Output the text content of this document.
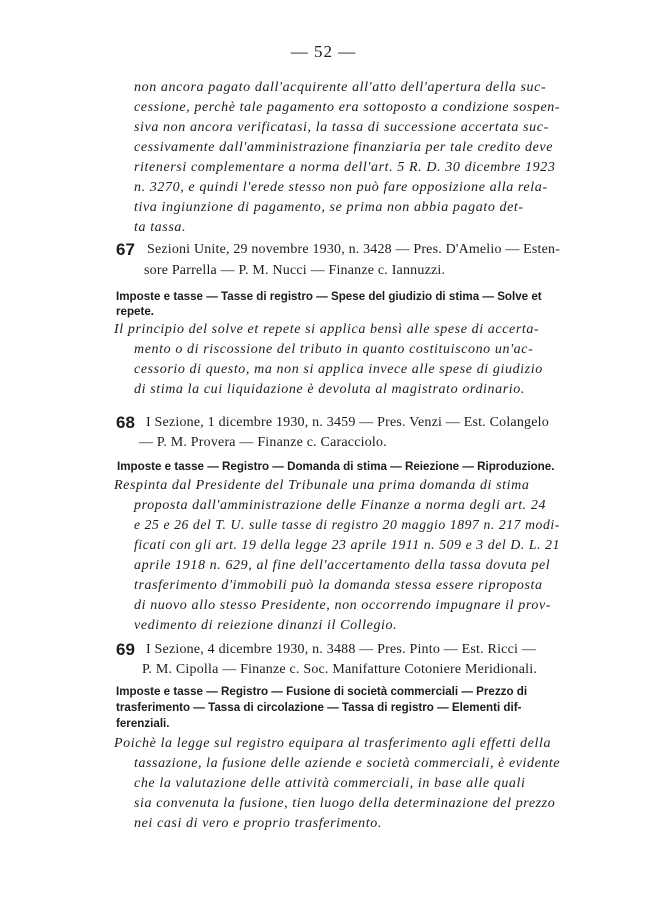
— 52 —
non ancora pagato dall'acquirente all'atto dell'apertura della suc-
cessione, perchè tale pagamento era sottoposto a condizione sospen-
siva non ancora verificatasi, la tassa di successione accertata suc-
cessivamente dall'amministrazione finanziaria per tale credito deve
ritenersi complementare a norma dell'art. 5 R. D. 30 dicembre 1923
n. 3270, e quindi l'erede stesso non può fare opposizione alla rela-
tiva ingiunzione di pagamento, se prima non abbia pagato det-
ta tassa.
67 Sezioni Unite, 29 novembre 1930, n. 3428 — Pres. D'Amelio — Esten-
sore Parrella — P. M. Nucci — Finanze c. Iannuzzi.
Imposte e tasse — Tasse di registro — Spese del giudizio di stima — Solve et
repete.
Il principio del solve et repete si applica bensì alle spese di accerta-
mento o di riscossione del tributo in quanto costituiscono un'ac-
cessorio di questo, ma non si applica invece alle spese di giudizio
di stima la cui liquidazione è devoluta al magistrato ordinario.
68 I Sezione, 1 dicembre 1930, n. 3459 — Pres. Venzi — Est. Colangelo
— P. M. Provera — Finanze c. Caracciolo.
Imposte e tasse — Registro — Domanda di stima — Reiezione — Riproduzione.
Respinta dal Presidente del Tribunale una prima domanda di stima
proposta dall'amministrazione delle Finanze a norma degli art. 24
e 25 e 26 del T. U. sulle tasse di registro 20 maggio 1897 n. 217 modi-
ficati con gli art. 19 della legge 23 aprile 1911 n. 509 e 3 del D. L. 21
aprile 1918 n. 629, al fine dell'accertamento della tassa dovuta pel
trasferimento d'immobili può la domanda stessa essere riproposta
di nuovo allo stesso Presidente, non occorrendo impugnare il prov-
vedimento di reiezione dinanzi il Collegio.
69 I Sezione, 4 dicembre 1930, n. 3488 — Pres. Pinto — Est. Ricci —
P. M. Cipolla — Finanze c. Soc. Manifatture Cotoniere Meridionali.
Imposte e tasse — Registro — Fusione di società commerciali — Prezzo di
trasferimento — Tassa di circolazione — Tassa di registro — Elementi dif-
ferenziali.
Poichè la legge sul registro equipara al trasferimento agli effetti della
tassazione, la fusione delle aziende e società commerciali, è evidente
che la valutazione delle attività commerciali, in base alle quali
sia convenuta la fusione, tien luogo della determinazione del prezzo
nei casi di vero e proprio trasferimento.
